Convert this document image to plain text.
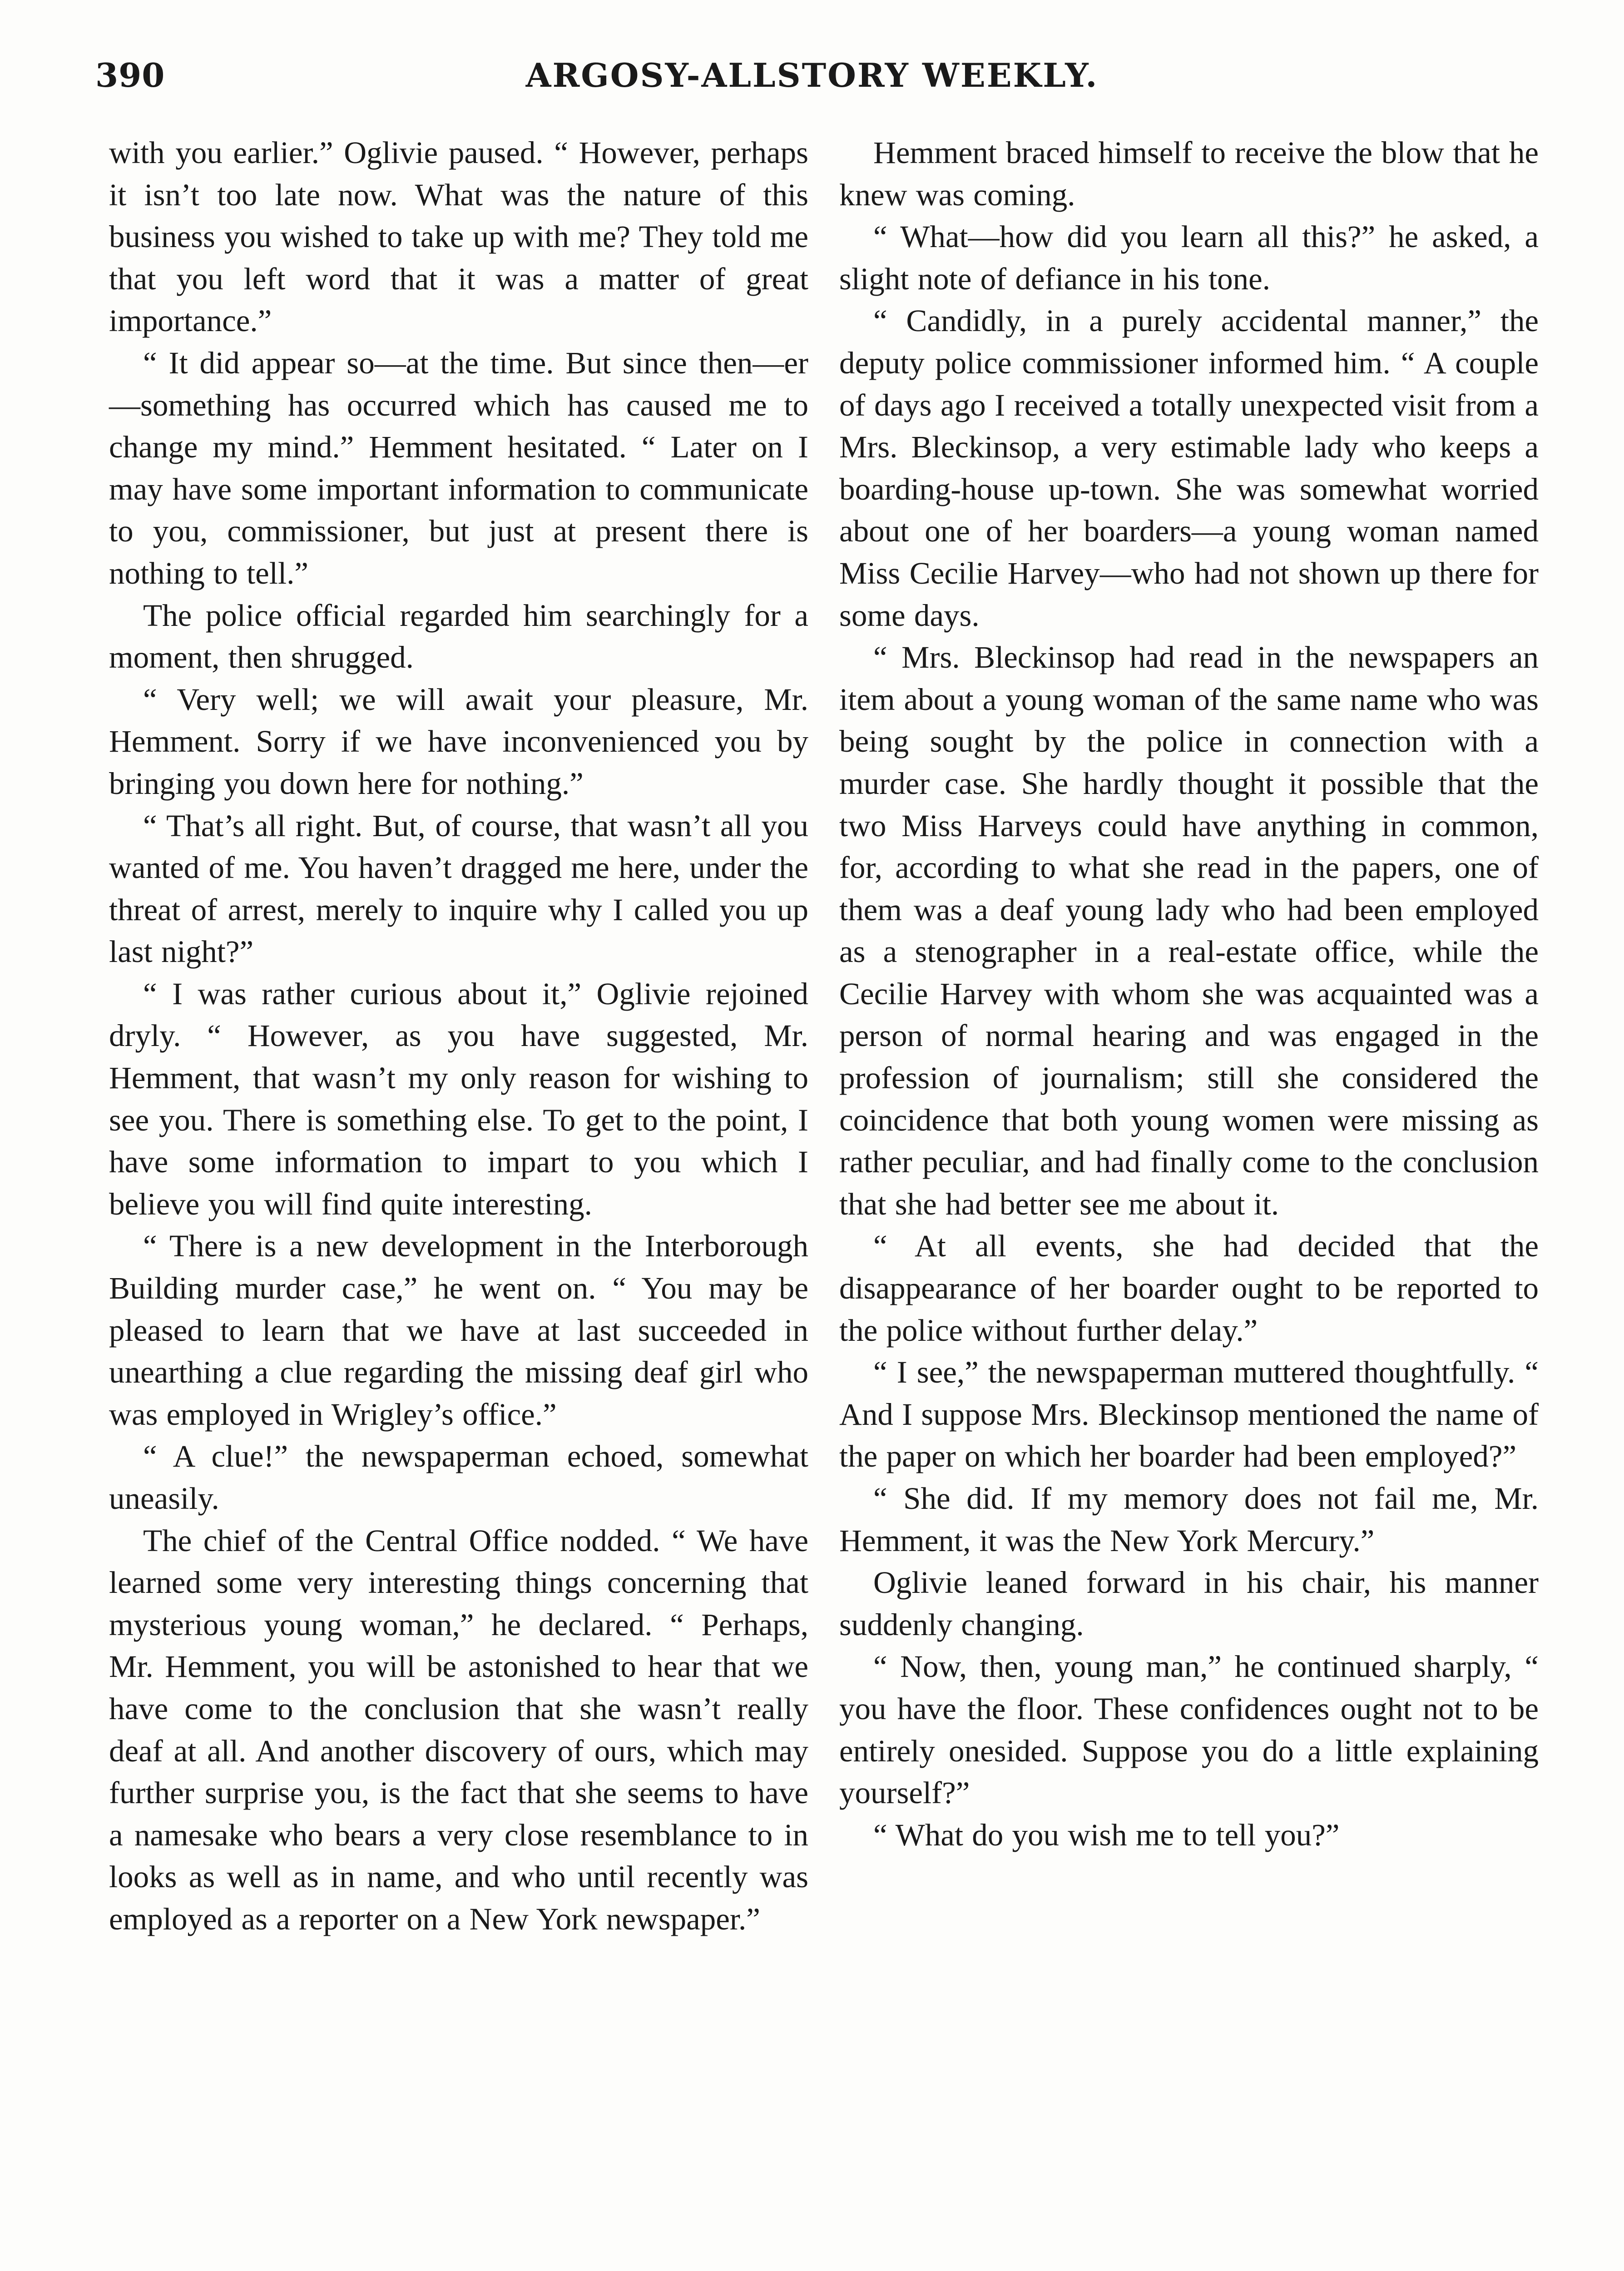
390	ARGOSY-ALLSTORY WEEKLY.

with you earlier.” Oglivie paused. “ However, perhaps it isn’t too late now. What was the nature of this business you wished to take up with me? They told me that you left word that it was a matter of great importance.”

“ It did appear so—at the time. But since then—er—something has occurred which has caused me to change my mind.” Hemment hesitated. “ Later on I may have some important information to communicate to you, commissioner, but just at present there is nothing to tell.”

The police official regarded him searchingly for a moment, then shrugged.

“ Very well; we will await your pleasure, Mr. Hemment. Sorry if we have inconvenienced you by bringing you down here for nothing.”

“ That’s all right. But, of course, that wasn’t all you wanted of me. You haven’t dragged me here, under the threat of arrest, merely to inquire why I called you up last night?”

“ I was rather curious about it,” Oglivie rejoined dryly. “ However, as you have suggested, Mr. Hemment, that wasn’t my only reason for wishing to see you. There is something else. To get to the point, I have some information to impart to you which I believe you will find quite interesting.

“ There is a new development in the Interborough Building murder case,” he went on. “ You may be pleased to learn that we have at last succeeded in unearthing a clue regarding the missing deaf girl who was employed in Wrigley’s office.”

“ A clue!” the newspaperman echoed, somewhat uneasily.

The chief of the Central Office nodded. “ We have learned some very interesting things concerning that mysterious young woman,” he declared. “ Perhaps, Mr. Hemment, you will be astonished to hear that we have come to the conclusion that she wasn’t really deaf at all. And another discovery of ours, which may further surprise you, is the fact that she seems to have a namesake who bears a very close resemblance to in looks as well as in name, and who until recently was employed as a reporter on a New York newspaper.”

Hemment braced himself to receive the blow that he knew was coming.

“ What—how did you learn all this?” he asked, a slight note of defiance in his tone.

“ Candidly, in a purely accidental manner,” the deputy police commissioner informed him. “ A couple of days ago I received a totally unexpected visit from a Mrs. Bleckinsop, a very estimable lady who keeps a boarding-house up-town. She was somewhat worried about one of her boarders—a young woman named Miss Cecilie Harvey—who had not shown up there for some days.

“ Mrs. Bleckinsop had read in the newspapers an item about a young woman of the same name who was being sought by the police in connection with a murder case. She hardly thought it possible that the two Miss Harveys could have anything in common, for, according to what she read in the papers, one of them was a deaf young lady who had been employed as a stenographer in a real-estate office, while the Cecilie Harvey with whom she was acquainted was a person of normal hearing and was engaged in the profession of journalism; still she considered the coincidence that both young women were missing as rather peculiar, and had finally come to the conclusion that she had better see me about it.

“ At all events, she had decided that the disappearance of her boarder ought to be reported to the police without further delay.”

“ I see,” the newspaperman muttered thoughtfully. “ And I suppose Mrs. Bleckinsop mentioned the name of the paper on which her boarder had been employed?”

“ She did. If my memory does not fail me, Mr. Hemment, it was the New York Mercury.”

Oglivie leaned forward in his chair, his manner suddenly changing.

“ Now, then, young man,” he continued sharply, “ you have the floor. These confidences ought not to be entirely onesided. Suppose you do a little explaining yourself?”

“ What do you wish me to tell you?”
